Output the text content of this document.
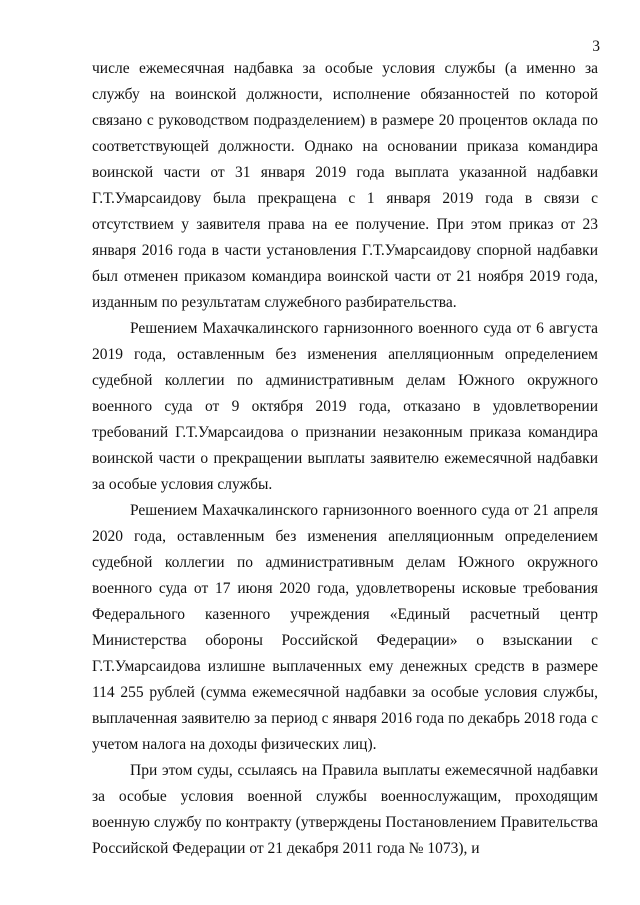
3

числе ежемесячная надбавка за особые условия службы (а именно за службу на воинской должности, исполнение обязанностей по которой связано с руководством подразделением) в размере 20 процентов оклада по соответствующей должности. Однако на основании приказа командира воинской части от 31 января 2019 года выплата указанной надбавки Г.Т.Умарсаидову была прекращена с 1 января 2019 года в связи с отсутствием у заявителя права на ее получение. При этом приказ от 23 января 2016 года в части установления Г.Т.Умарсаидову спорной надбавки был отменен приказом командира воинской части от 21 ноября 2019 года, изданным по результатам служебного разбирательства.

Решением Махачкалинского гарнизонного военного суда от 6 августа 2019 года, оставленным без изменения апелляционным определением судебной коллегии по административным делам Южного окружного военного суда от 9 октября 2019 года, отказано в удовлетворении требований Г.Т.Умарсаидова о признании незаконным приказа командира воинской части о прекращении выплаты заявителю ежемесячной надбавки за особые условия службы.

Решением Махачкалинского гарнизонного военного суда от 21 апреля 2020 года, оставленным без изменения апелляционным определением судебной коллегии по административным делам Южного окружного военного суда от 17 июня 2020 года, удовлетворены исковые требования Федерального казенного учреждения «Единый расчетный центр Министерства обороны Российской Федерации» о взыскании с Г.Т.Умарсаидова излишне выплаченных ему денежных средств в размере 114 255 рублей (сумма ежемесячной надбавки за особые условия службы, выплаченная заявителю за период с января 2016 года по декабрь 2018 года с учетом налога на доходы физических лиц).

При этом суды, ссылаясь на Правила выплаты ежемесячной надбавки за особые условия военной службы военнослужащим, проходящим военную службу по контракту (утверждены Постановлением Правительства Российской Федерации от 21 декабря 2011 года № 1073), и
